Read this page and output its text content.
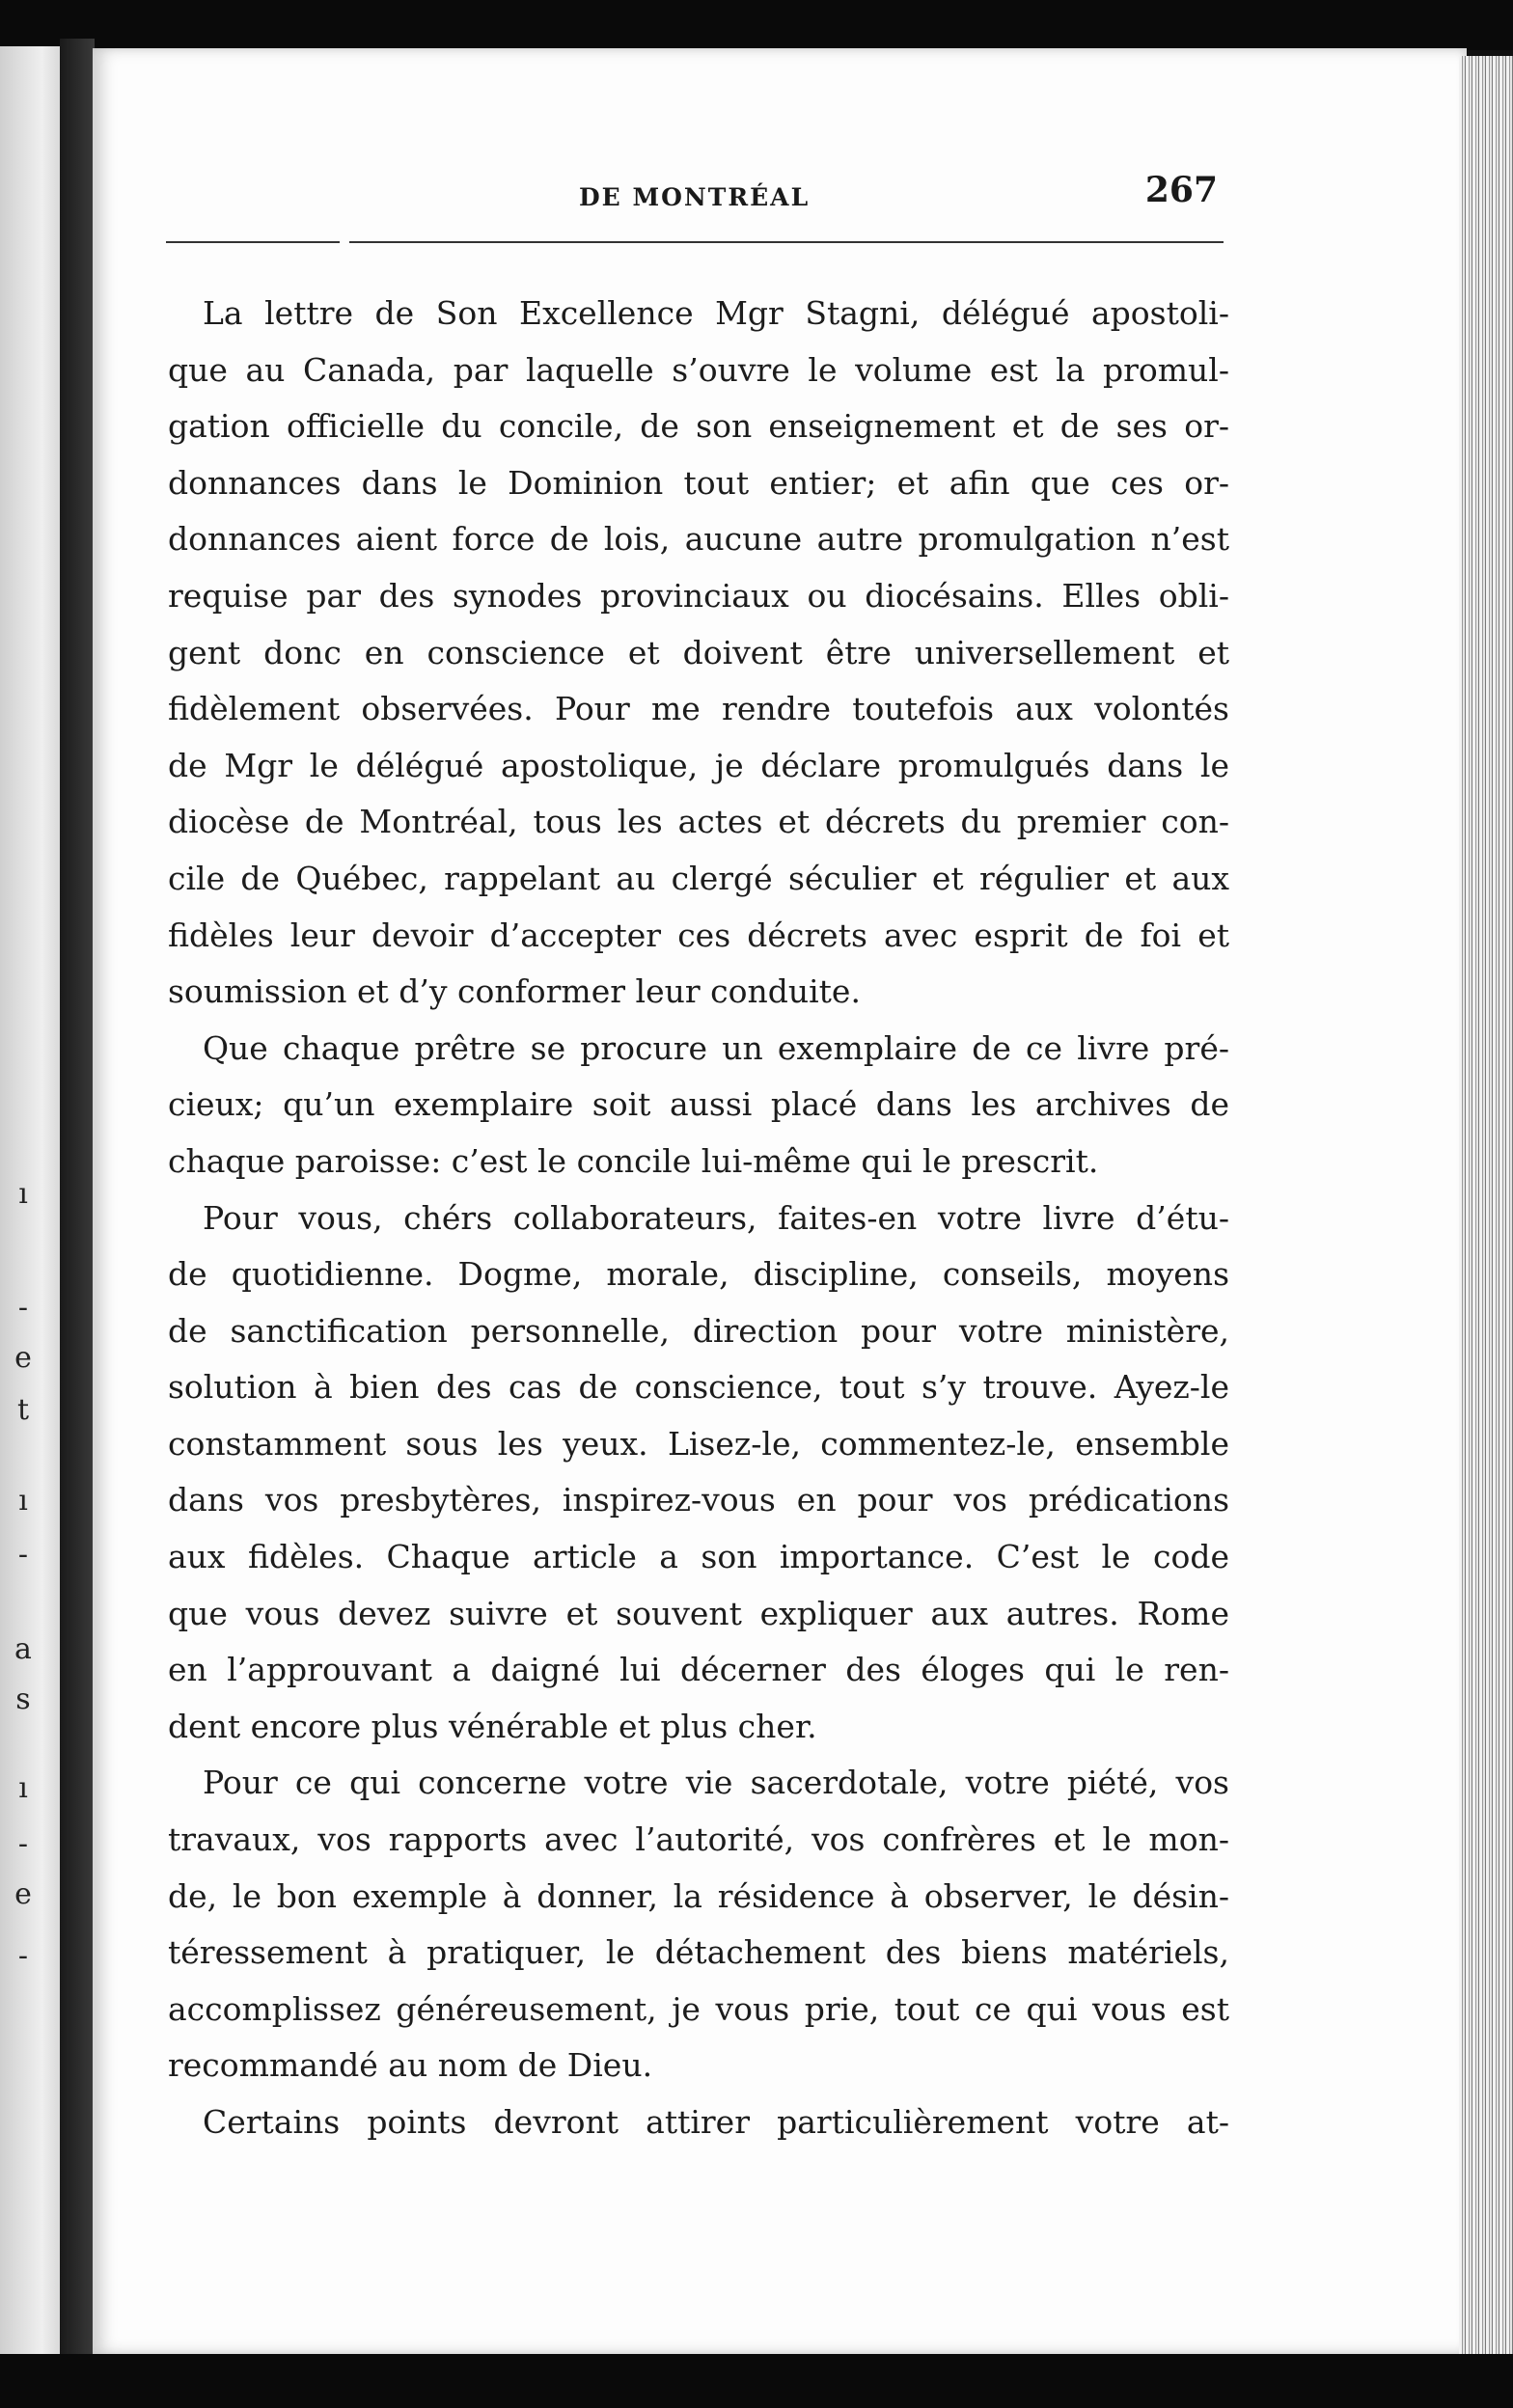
ı
-
e
t
ı
-
a
s
ı
-
e
-
DE MONTRÉAL	267
La lettre de Son Excellence Mgr Stagni, délégué apostoli-
que au Canada, par laquelle s’ouvre le volume est la promul-
gation officielle du concile, de son enseignement et de ses or-
donnances dans le Dominion tout entier; et afin que ces or-
donnances aient force de lois, aucune autre promulgation n’est
requise par des synodes provinciaux ou diocésains. Elles obli-
gent donc en conscience et doivent être universellement et
fidèlement observées. Pour me rendre toutefois aux volontés
de Mgr le délégué apostolique, je déclare promulgués dans le
diocèse de Montréal, tous les actes et décrets du premier con-
cile de Québec, rappelant au clergé séculier et régulier et aux
fidèles leur devoir d’accepter ces décrets avec esprit de foi et
soumission et d’y conformer leur conduite.
Que chaque prêtre se procure un exemplaire de ce livre pré-
cieux; qu’un exemplaire soit aussi placé dans les archives de
chaque paroisse: c’est le concile lui-même qui le prescrit.
Pour vous, chérs collaborateurs, faites-en votre livre d’étu-
de quotidienne. Dogme, morale, discipline, conseils, moyens
de sanctification personnelle, direction pour votre ministère,
solution à bien des cas de conscience, tout s’y trouve. Ayez-le
constamment sous les yeux. Lisez-le, commentez-le, ensemble
dans vos presbytères, inspirez-vous en pour vos prédications
aux fidèles. Chaque article a son importance. C’est le code
que vous devez suivre et souvent expliquer aux autres. Rome
en l’approuvant a daigné lui décerner des éloges qui le ren-
dent encore plus vénérable et plus cher.
Pour ce qui concerne votre vie sacerdotale, votre piété, vos
travaux, vos rapports avec l’autorité, vos confrères et le mon-
de, le bon exemple à donner, la résidence à observer, le désin-
téressement à pratiquer, le détachement des biens matériels,
accomplissez généreusement, je vous prie, tout ce qui vous est
recommandé au nom de Dieu.
Certains points devront attirer particulièrement votre at-
